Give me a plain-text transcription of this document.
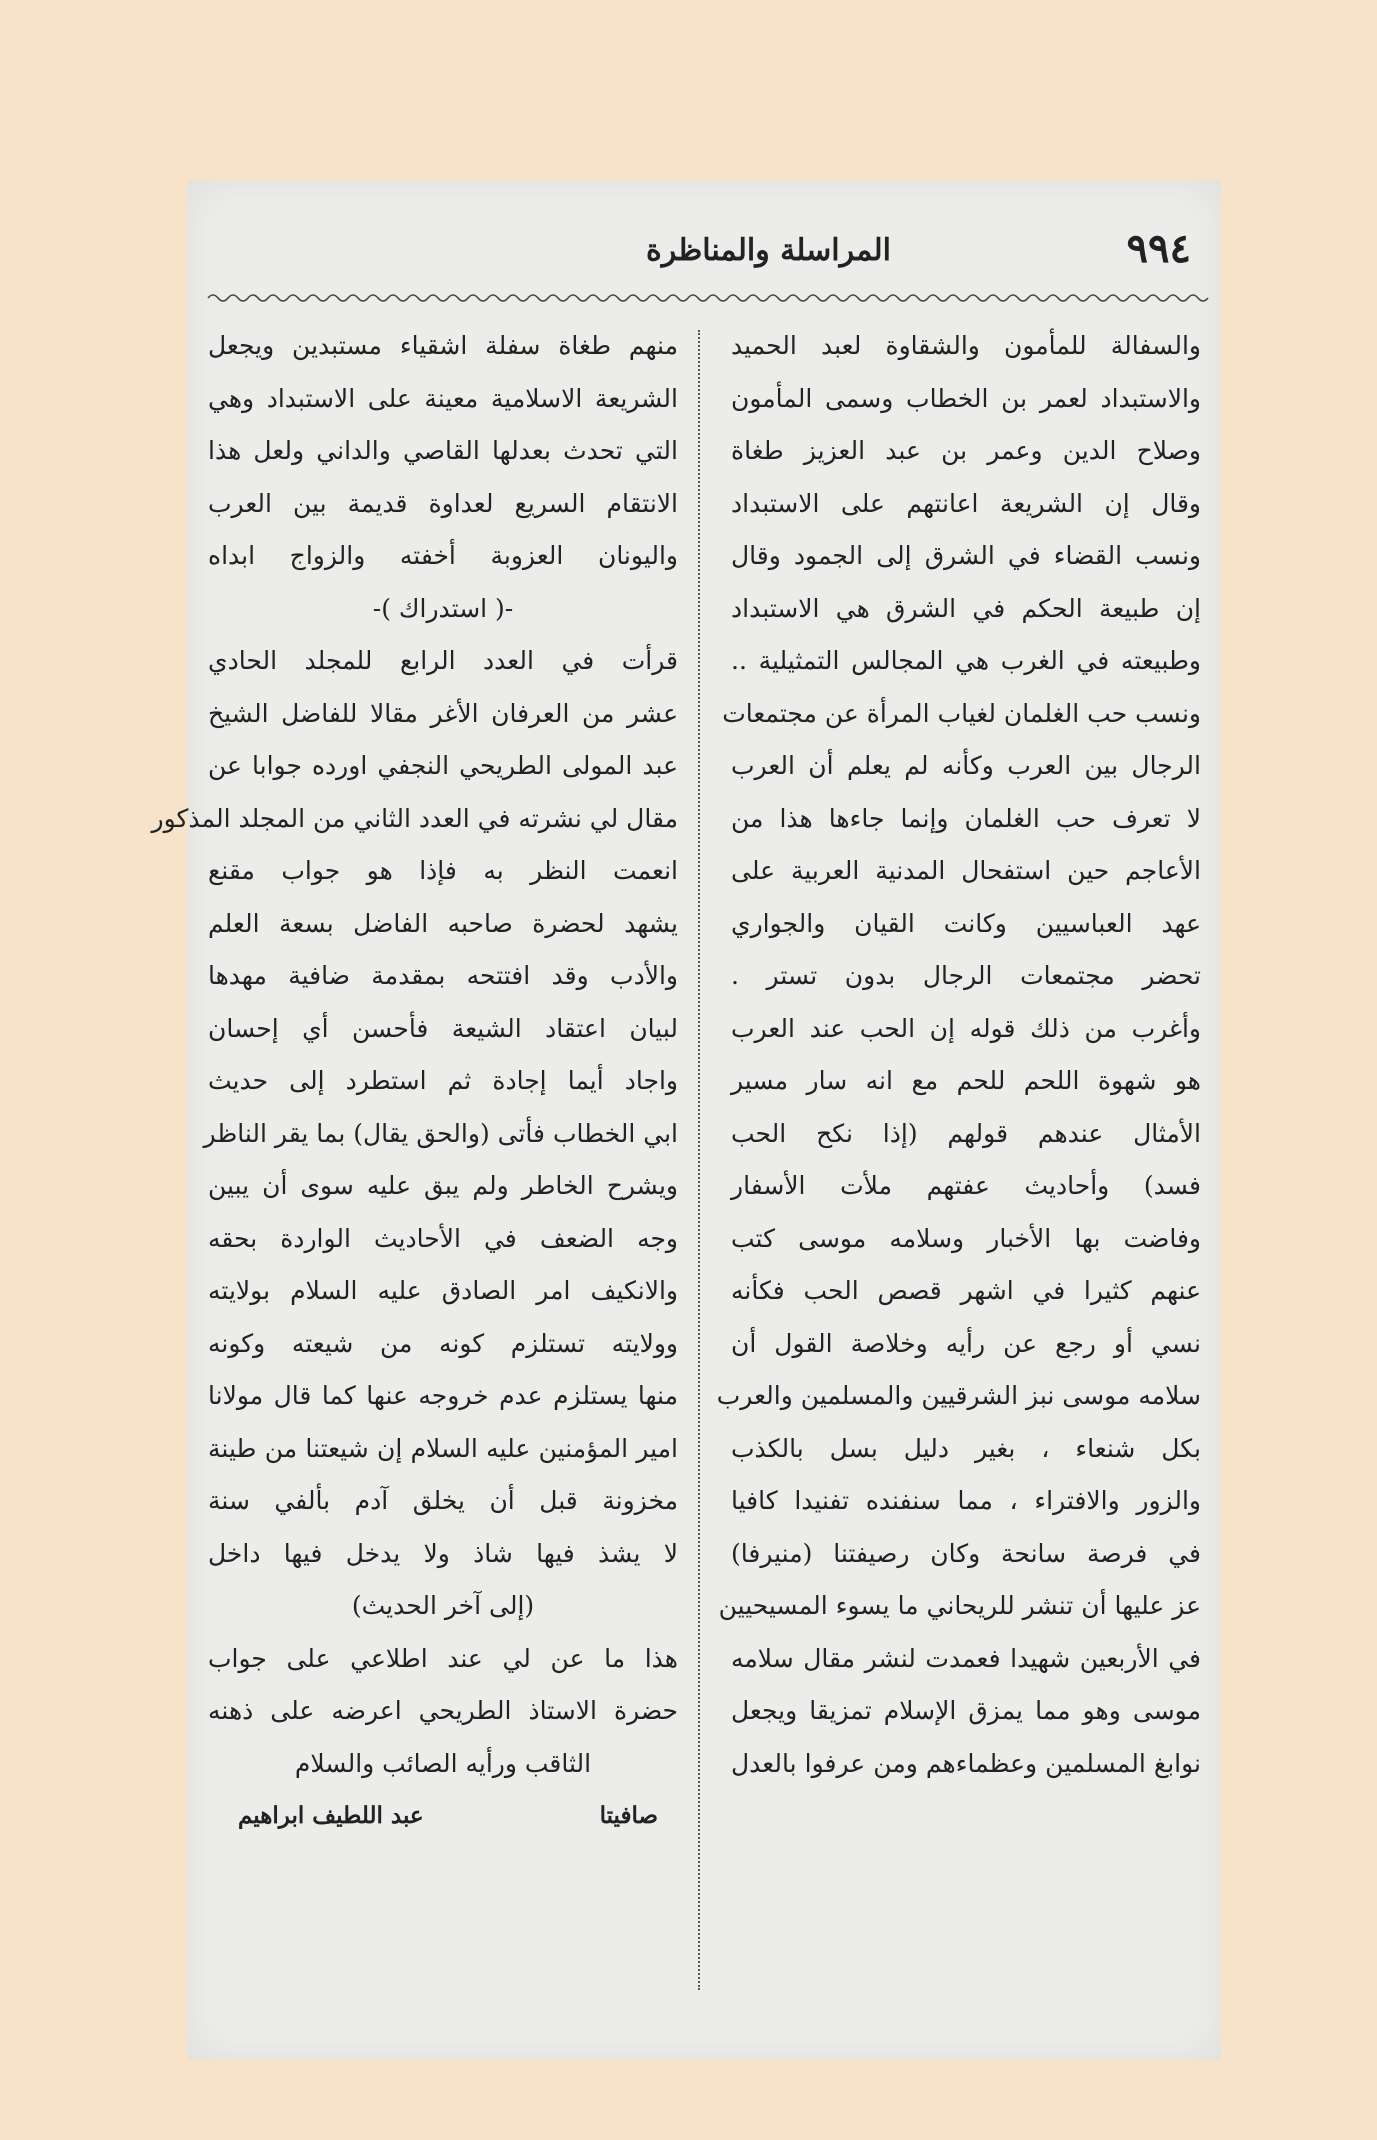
٩٩٤
المراسلة والمناظرة
والسفالة للمأمون والشقاوة لعبد الحميد
والاستبداد لعمر بن الخطاب وسمى المأمون
وصلاح الدين وعمر بن عبد العزيز طغاة
وقال إن الشريعة اعانتهم على الاستبداد
ونسب القضاء في الشرق إلى الجمود وقال
إن طبيعة الحكم في الشرق هي الاستبداد
وطبيعته في الغرب هي المجالس التمثيلية ..
ونسب حب الغلمان لغياب المرأة عن مجتمعات
الرجال بين العرب وكأنه لم يعلم أن العرب
لا تعرف حب الغلمان وإنما جاءها هذا من
الأعاجم حين استفحال المدنية العربية على
عهد العباسيين وكانت القيان والجواري
تحضر مجتمعات الرجال بدون تستر .
وأغرب من ذلك قوله إن الحب عند العرب
هو شهوة اللحم للحم مع انه سار مسير
الأمثال عندهم قولهم (إذا نكح الحب
فسد) وأحاديث عفتهم ملأت الأسفار
وفاضت بها الأخبار وسلامه موسى كتب
عنهم كثيرا في اشهر قصص الحب فكأنه
نسي أو رجع عن رأيه وخلاصة القول أن
سلامه موسى نبز الشرقيين والمسلمين والعرب
بكل شنعاء ، بغير دليل بسل بالكذب
والزور والافتراء ، مما سنفنده تفنيدا كافيا
في فرصة سانحة وكان رصيفتنا (منيرفا)
عز عليها أن تنشر للريحاني ما يسوء المسيحيين
في الأربعين شهيدا فعمدت لنشر مقال سلامه
موسى وهو مما يمزق الإسلام تمزيقا ويجعل
نوابغ المسلمين وعظماءهم ومن عرفوا بالعدل
منهم طغاة سفلة اشقياء مستبدين ويجعل
الشريعة الاسلامية معينة على الاستبداد وهي
التي تحدث بعدلها القاصي والداني ولعل هذا
الانتقام السريع لعداوة قديمة بين العرب
واليونان العزوبة أخفته والزواج ابداه
-( استدراك )-
قرأت في العدد الرابع للمجلد الحادي
عشر من العرفان الأغر مقالا للفاضل الشيخ
عبد المولى الطريحي النجفي اورده جوابا عن
مقال لي نشرته في العدد الثاني من المجلد المذكور
انعمت النظر به فإذا هو جواب مقنع
يشهد لحضرة صاحبه الفاضل بسعة العلم
والأدب وقد افتتحه بمقدمة ضافية مهدها
لبيان اعتقاد الشيعة فأحسن أي إحسان
واجاد أيما إجادة ثم استطرد إلى حديث
ابي الخطاب فأتى (والحق يقال) بما يقر الناظر
ويشرح الخاطر ولم يبق عليه سوى أن يبين
وجه الضعف في الأحاديث الواردة بحقه
والانكيف امر الصادق عليه السلام بولايته
وولايته تستلزم كونه من شيعته وكونه
منها يستلزم عدم خروجه عنها كما قال مولانا
امير المؤمنين عليه السلام إن شيعتنا من طينة
مخزونة قبل أن يخلق آدم بألفي سنة
لا يشذ فيها شاذ ولا يدخل فيها داخل
(إلى آخر الحديث)
هذا ما عن لي عند اطلاعي على جواب
حضرة الاستاذ الطريحي اعرضه على ذهنه
الثاقب ورأيه الصائب والسلام
صافيتا
عبد اللطيف ابراهيم
